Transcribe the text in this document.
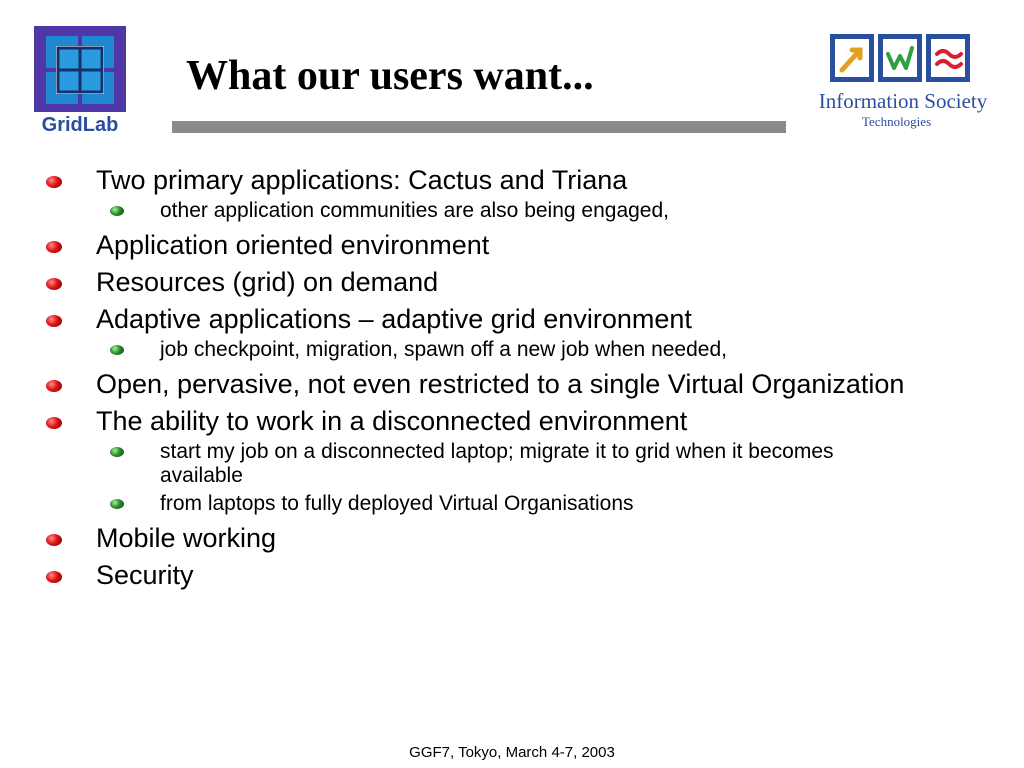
GridLab
What our users want...
Information Society
Technologies
Two primary applications: Cactus and Triana
other application communities are also being engaged,
Application oriented environment
Resources (grid) on demand
Adaptive applications – adaptive grid environment
job checkpoint, migration, spawn off a new job when needed,
Open, pervasive, not even restricted to a single Virtual Organization
The ability to work in a disconnected environment
start my job on a disconnected laptop; migrate it to grid when it becomes available
from laptops to fully deployed Virtual Organisations
Mobile working
Security
GGF7, Tokyo, March 4-7, 2003
